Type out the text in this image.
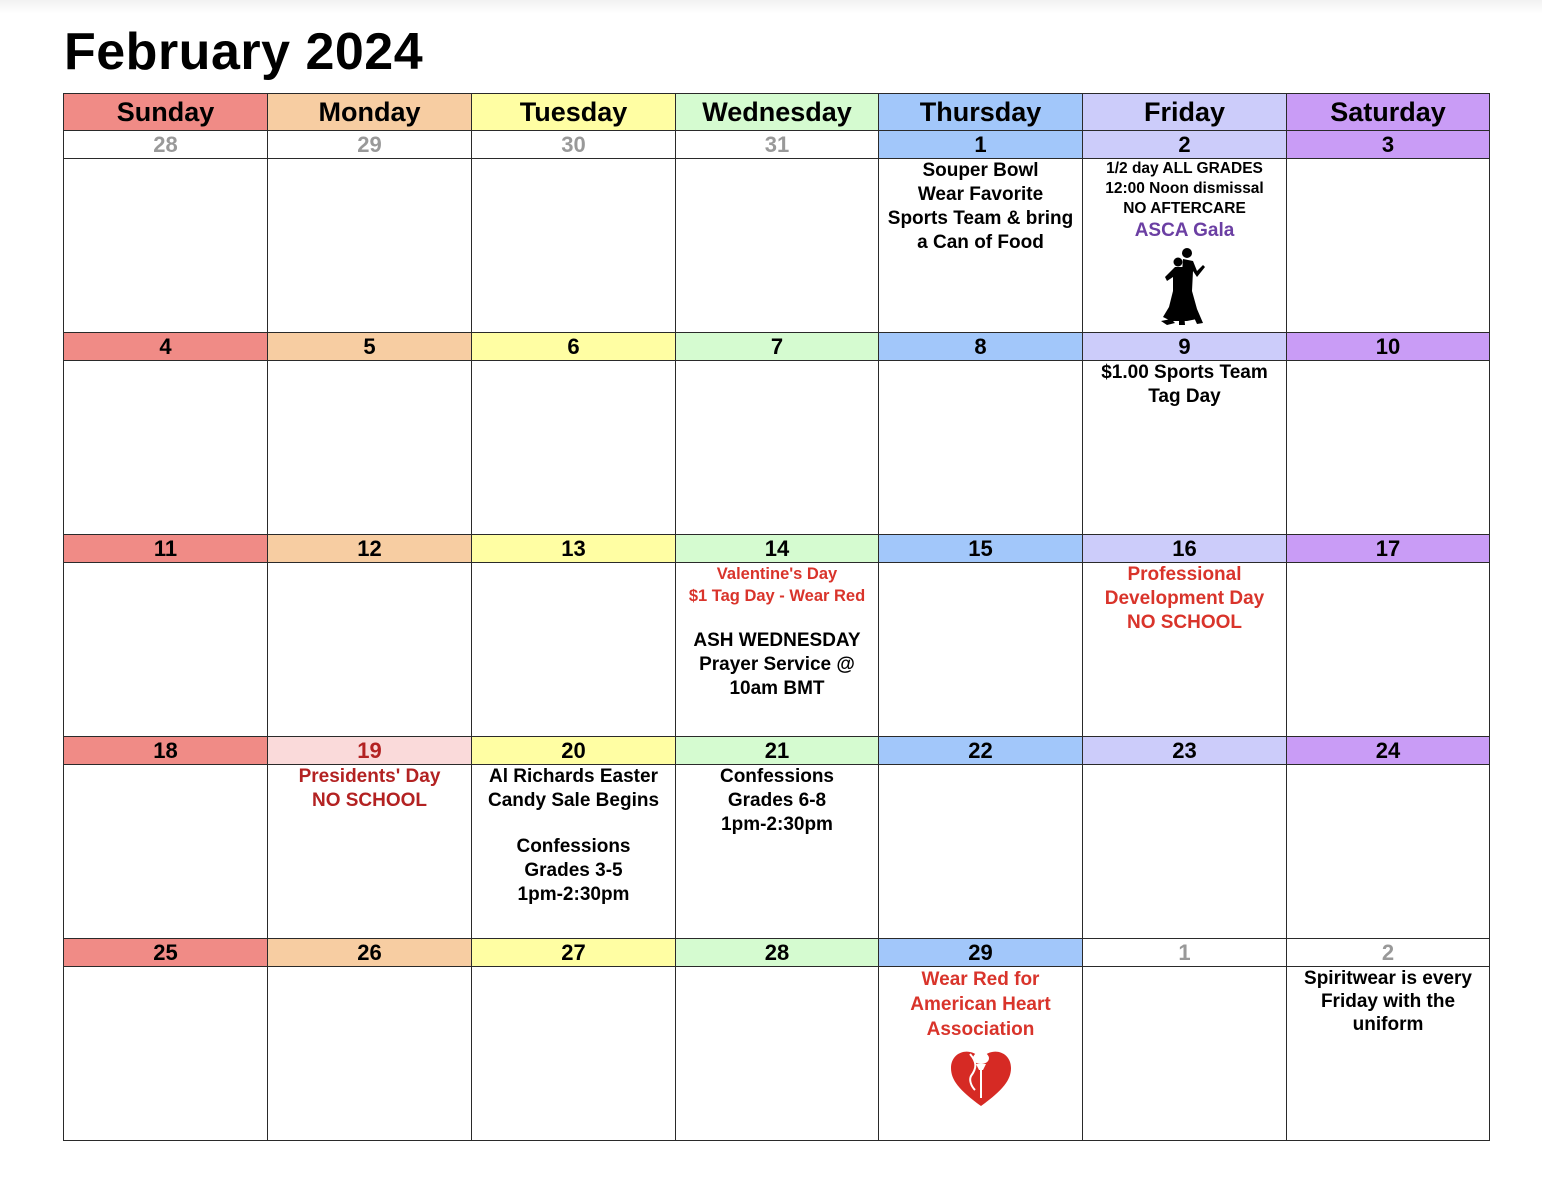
February 2024
Sunday	Monday	Tuesday	Wednesday	Thursday	Friday	Saturday
28	29	30	31	1	2	3

				Souper Bowl
Wear Favorite
Sports Team & bring
a Can of Food	1/2 day ALL GRADES
12:00 Noon dismissal
NO AFTERCARE
ASCA Gala	

4	5	6	7	8	9	10

					$1.00 Sports Team
Tag Day	

11	12	13	14	15	16	17

			Valentine's Day
$1 Tag Day - Wear Red
ASH WEDNESDAY
Prayer Service @
10am BMT		Professional
Development Day
NO SCHOOL	

18	19	20	21	22	23	24

	Presidents' Day
NO SCHOOL	Al Richards Easter
Candy Sale Begins
Confessions
Grades 3-5
1pm-2:30pm	Confessions
Grades 6-8
1pm-2:30pm			

25	26	27	28	29	1	2

				Wear Red for
American Heart
Association		Spiritwear is every
Friday with the
uniform
